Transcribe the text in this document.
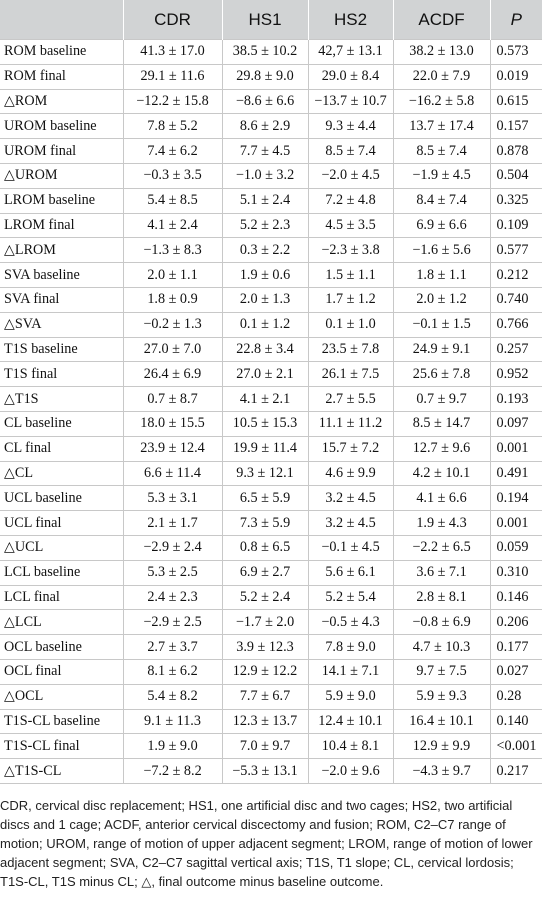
	CDR	HS1	HS2	ACDF	P
ROM baseline	41.3 ± 17.0	38.5 ± 10.2	42,7 ± 13.1	38.2 ± 13.0	0.573
ROM final	29.1 ± 11.6	29.8 ± 9.0	29.0 ± 8.4	22.0 ± 7.9	0.019
△ROM	−12.2 ± 15.8	−8.6 ± 6.6	−13.7 ± 10.7	−16.2 ± 5.8	0.615
UROM baseline	7.8 ± 5.2	8.6 ± 2.9	9.3 ± 4.4	13.7 ± 17.4	0.157
UROM final	7.4 ± 6.2	7.7 ± 4.5	8.5 ± 7.4	8.5 ± 7.4	0.878
△UROM	−0.3 ± 3.5	−1.0 ± 3.2	−2.0 ± 4.5	−1.9 ± 4.5	0.504
LROM baseline	5.4 ± 8.5	5.1 ± 2.4	7.2 ± 4.8	8.4 ± 7.4	0.325
LROM final	4.1 ± 2.4	5.2 ± 2.3	4.5 ± 3.5	6.9 ± 6.6	0.109
△LROM	−1.3 ± 8.3	0.3 ± 2.2	−2.3 ± 3.8	−1.6 ± 5.6	0.577
SVA baseline	2.0 ± 1.1	1.9 ± 0.6	1.5 ± 1.1	1.8 ± 1.1	0.212
SVA final	1.8 ± 0.9	2.0 ± 1.3	1.7 ± 1.2	2.0 ± 1.2	0.740
△SVA	−0.2 ± 1.3	0.1 ± 1.2	0.1 ± 1.0	−0.1 ± 1.5	0.766
T1S baseline	27.0 ± 7.0	22.8 ± 3.4	23.5 ± 7.8	24.9 ± 9.1	0.257
T1S final	26.4 ± 6.9	27.0 ± 2.1	26.1 ± 7.5	25.6 ± 7.8	0.952
△T1S	0.7 ± 8.7	4.1 ± 2.1	2.7 ± 5.5	0.7 ± 9.7	0.193
CL baseline	18.0 ± 15.5	10.5 ± 15.3	11.1 ± 11.2	8.5 ± 14.7	0.097
CL final	23.9 ± 12.4	19.9 ± 11.4	15.7 ± 7.2	12.7 ± 9.6	0.001
△CL	6.6 ± 11.4	9.3 ± 12.1	4.6 ± 9.9	4.2 ± 10.1	0.491
UCL baseline	5.3 ± 3.1	6.5 ± 5.9	3.2 ± 4.5	4.1 ± 6.6	0.194
UCL final	2.1 ± 1.7	7.3 ± 5.9	3.2 ± 4.5	1.9 ± 4.3	0.001
△UCL	−2.9 ± 2.4	0.8 ± 6.5	−0.1 ± 4.5	−2.2 ± 6.5	0.059
LCL baseline	5.3 ± 2.5	6.9 ± 2.7	5.6 ± 6.1	3.6 ± 7.1	0.310
LCL final	2.4 ± 2.3	5.2 ± 2.4	5.2 ± 5.4	2.8 ± 8.1	0.146
△LCL	−2.9 ± 2.5	−1.7 ± 2.0	−0.5 ± 4.3	−0.8 ± 6.9	0.206
OCL baseline	2.7 ± 3.7	3.9 ± 12.3	7.8 ± 9.0	4.7 ± 10.3	0.177
OCL final	8.1 ± 6.2	12.9 ± 12.2	14.1 ± 7.1	9.7 ± 7.5	0.027
△OCL	5.4 ± 8.2	7.7 ± 6.7	5.9 ± 9.0	5.9 ± 9.3	0.28
T1S-CL baseline	9.1 ± 11.3	12.3 ± 13.7	12.4 ± 10.1	16.4 ± 10.1	0.140
T1S-CL final	1.9 ± 9.0	7.0 ± 9.7	10.4 ± 8.1	12.9 ± 9.9	<0.001
△T1S-CL	−7.2 ± 8.2	−5.3 ± 13.1	−2.0 ± 9.6	−4.3 ± 9.7	0.217
CDR, cervical disc replacement; HS1, one artificial disc and two cages; HS2, two artificial discs and 1 cage; ACDF, anterior cervical discectomy and fusion; ROM, C2–C7 range of motion; UROM, range of motion of upper adjacent segment; LROM, range of motion of lower adjacent segment; SVA, C2–C7 sagittal vertical axis; T1S, T1 slope; CL, cervical lordosis; T1S-CL, T1S minus CL; △, final outcome minus baseline outcome.
